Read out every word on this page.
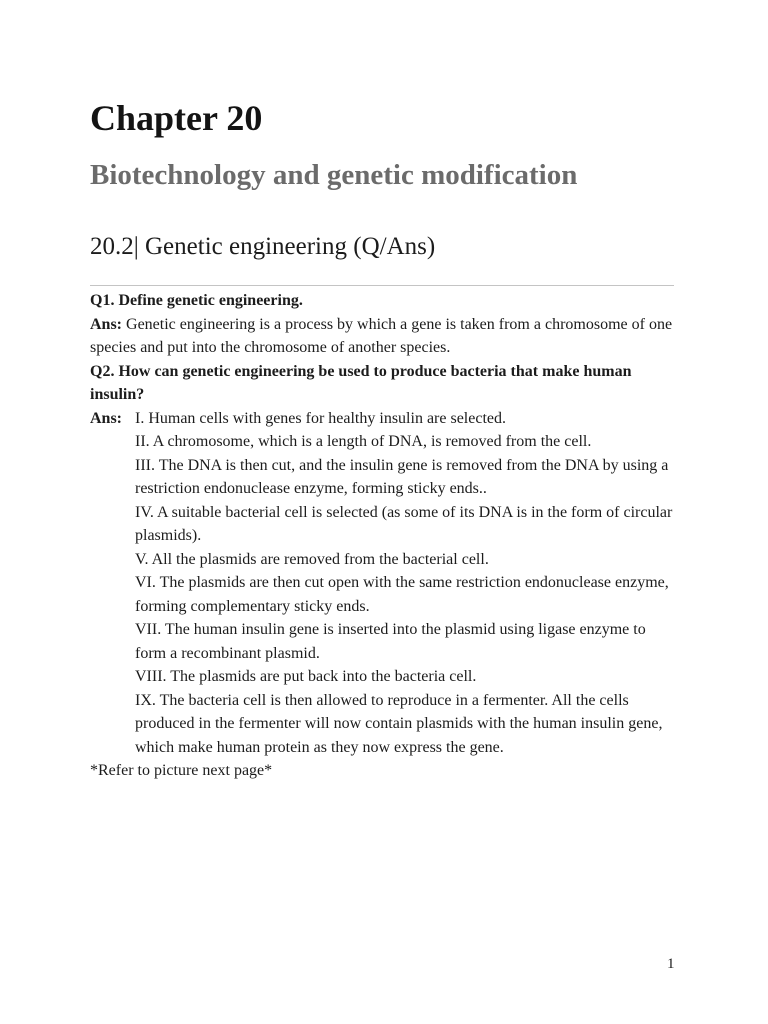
Chapter 20
Biotechnology and genetic modification
20.2| Genetic engineering (Q/Ans)

Q1. Define genetic engineering.

Ans: Genetic engineering is a process by which a gene is taken from a chromosome of one species and put into the chromosome of another species.

Q2. How can genetic engineering be used to produce bacteria that make human insulin?

Ans: I. Human cells with genes for healthy insulin are selected.
II. A chromosome, which is a length of DNA, is removed from the cell.
III. The DNA is then cut, and the insulin gene is removed from the DNA by using a restriction endonuclease enzyme, forming sticky ends..
IV. A suitable bacterial cell is selected (as some of its DNA is in the form of circular plasmids).
V. All the plasmids are removed from the bacterial cell.
VI. The plasmids are then cut open with the same restriction endonuclease enzyme, forming complementary sticky ends.
VII. The human insulin gene is inserted into the plasmid using ligase enzyme to form a recombinant plasmid.
VIII. The plasmids are put back into the bacteria cell.
IX. The bacteria cell is then allowed to reproduce in a fermenter. All the cells produced in the fermenter will now contain plasmids with the human insulin gene, which make human protein as they now express the gene.

*Refer to picture next page*

1
